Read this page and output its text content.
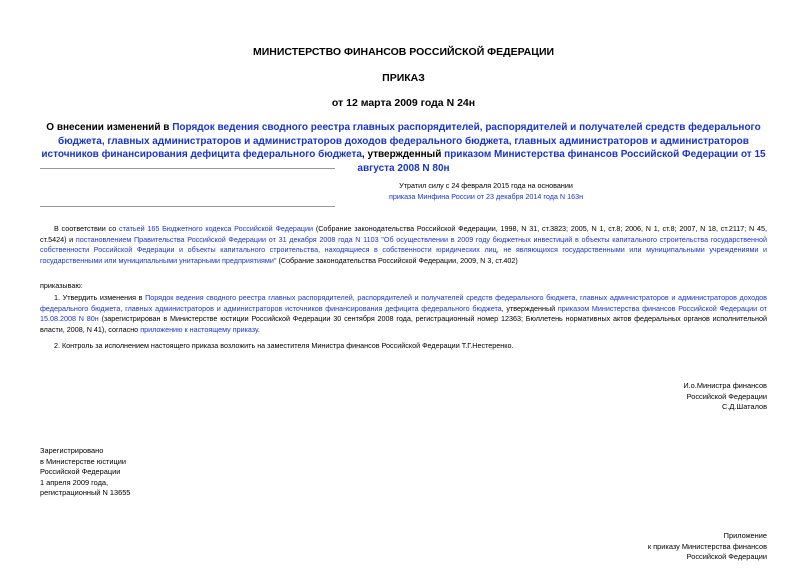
МИНИСТЕРСТВО ФИНАНСОВ РОССИЙСКОЙ ФЕДЕРАЦИИ
ПРИКАЗ
от 12 марта 2009 года N 24н
О внесении изменений в Порядок ведения сводного реестра главных распорядителей, распорядителей и получателей средств федерального бюджета, главных администраторов и администраторов доходов федерального бюджета, главных администраторов и администраторов источников финансирования дефицита федерального бюджета, утвержденный приказом Министерства финансов Российской Федерации от 15 августа 2008 N 80н
Утратил силу с 24 февраля 2015 года на основании
приказа Минфина России от 23 декабря 2014 года N 163н
В соответствии со статьей 165 Бюджетного кодекса Российской Федерации (Собрание законодательства Российской Федерации, 1998, N 31, ст.3823; 2005, N 1, ст.8; 2006, N 1, ст.8; 2007, N 18, ст.2117; N 45, ст.5424) и постановлением Правительства Российской Федерации от 31 декабря 2008 года N 1103 "Об осуществлении в 2009 году бюджетных инвестиций в объекты капитального строительства государственной собственности Российской Федерации и объекты капитального строительства, находящиеся в собственности юридических лиц, не являющихся государственными или муниципальными учреждениями и государственными или муниципальными унитарными предприятиями" (Собрание законодательства Российской Федерации, 2009, N 3, ст.402)
приказываю:
1. Утвердить изменения в Порядок ведения сводного реестра главных распорядителей, распорядителей и получателей средств федерального бюджета, главных администраторов и администраторов доходов федерального бюджета, главных администраторов и администраторов источников финансирования дефицита федерального бюджета, утвержденный приказом Министерства финансов Российской Федерации от 15.08.2008 N 80н (зарегистрирован в Министерстве юстиции Российской Федерации 30 сентября 2008 года, регистрационный номер 12363; Бюллетень нормативных актов федеральных органов исполнительной власти, 2008, N 41), согласно приложению к настоящему приказу.
2. Контроль за исполнением настоящего приказа возложить на заместителя Министра финансов Российской Федерации Т.Г.Нестеренко.
И.о.Министра финансов
Российской Федерации
С.Д.Шаталов
Зарегистрировано
в Министерстве юстиции
Российской Федерации
1 апреля 2009 года,
регистрационный N 13655
Приложение
к приказу Министерства финансов
Российской Федерации
